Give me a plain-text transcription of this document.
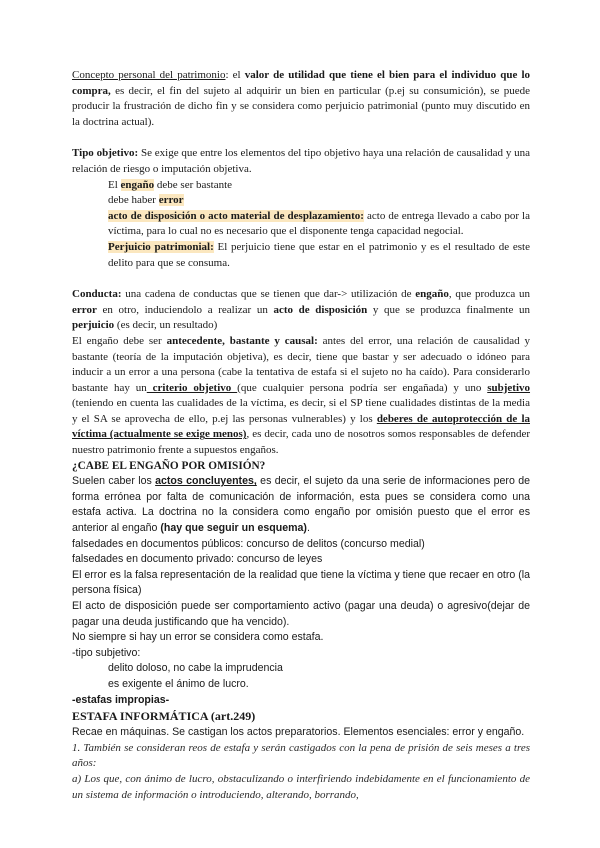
Concepto personal del patrimonio: el valor de utilidad que tiene el bien para el individuo que lo compra, es decir, el fin del sujeto al adquirir un bien en particular (p.ej su consumición), se puede producir la frustración de dicho fin y se considera como perjuicio patrimonial (punto muy discutido en la doctrina actual).

Tipo objetivo: Se exige que entre los elementos del tipo objetivo haya una relación de causalidad y una relación de riesgo o imputación objetiva.

El engaño debe ser bastante

debe haber error

acto de disposición o acto material de desplazamiento: acto de entrega llevado a cabo por la víctima, para lo cual no es necesario que el disponente tenga capacidad negocial.

Perjuicio patrimonial: El perjuicio tiene que estar en el patrimonio y es el resultado de este delito para que se consuma.

Conducta: una cadena de conductas que se tienen que dar-> utilización de engaño, que produzca un error en otro, induciendolo a realizar un acto de disposición y que se produzca finalmente un perjuicio (es decir, un resultado)

El engaño debe ser antecedente, bastante y causal: antes del error, una relación de causalidad y bastante (teoría de la imputación objetiva), es decir, tiene que bastar y ser adecuado o idóneo para inducir a un error a una persona (cabe la tentativa de estafa si el sujeto no ha caído). Para considerarlo bastante hay un criterio objetivo (que cualquier persona podría ser engañada) y uno subjetivo (teniendo en cuenta las cualidades de la víctima, es decir, si el SP tiene cualidades distintas de la media y el SA se aprovecha de ello, p.ej las personas vulnerables) y los deberes de autoprotección de la víctima (actualmente se exige menos), es decir, cada uno de nosotros somos responsables de defender nuestro patrimonio frente a supuestos engaños.

¿CABE EL ENGAÑO POR OMISIÓN?

Suelen caber los actos concluyentes, es decir, el sujeto da una serie de informaciones pero de forma errónea por falta de comunicación de información, esta pues se considera como una estafa activa. La doctrina no la considera como engaño por omisión puesto que el error es anterior al engaño (hay que seguir un esquema).

falsedades en documentos públicos: concurso de delitos (concurso medial)

falsedades en documento privado: concurso de leyes

El error es la falsa representación de la realidad que tiene la víctima y tiene que recaer en otro (la persona física)

El acto de disposición puede ser comportamiento activo (pagar una deuda) o agresivo(dejar de pagar una deuda justificando que ha vencido).

No siempre si hay un error se considera como estafa.

-tipo subjetivo:

delito doloso, no cabe la imprudencia

es exigente el ánimo de lucro.

-estafas impropias-

ESTAFA INFORMÁTICA (art.249)

Recae en máquinas. Se castigan los actos preparatorios. Elementos esenciales: error y engaño.

1. También se consideran reos de estafa y serán castigados con la pena de prisión de seis meses a tres años:

a) Los que, con ánimo de lucro, obstaculizando o interfiriendo indebidamente en el funcionamiento de un sistema de información o introduciendo, alterando, borrando,
